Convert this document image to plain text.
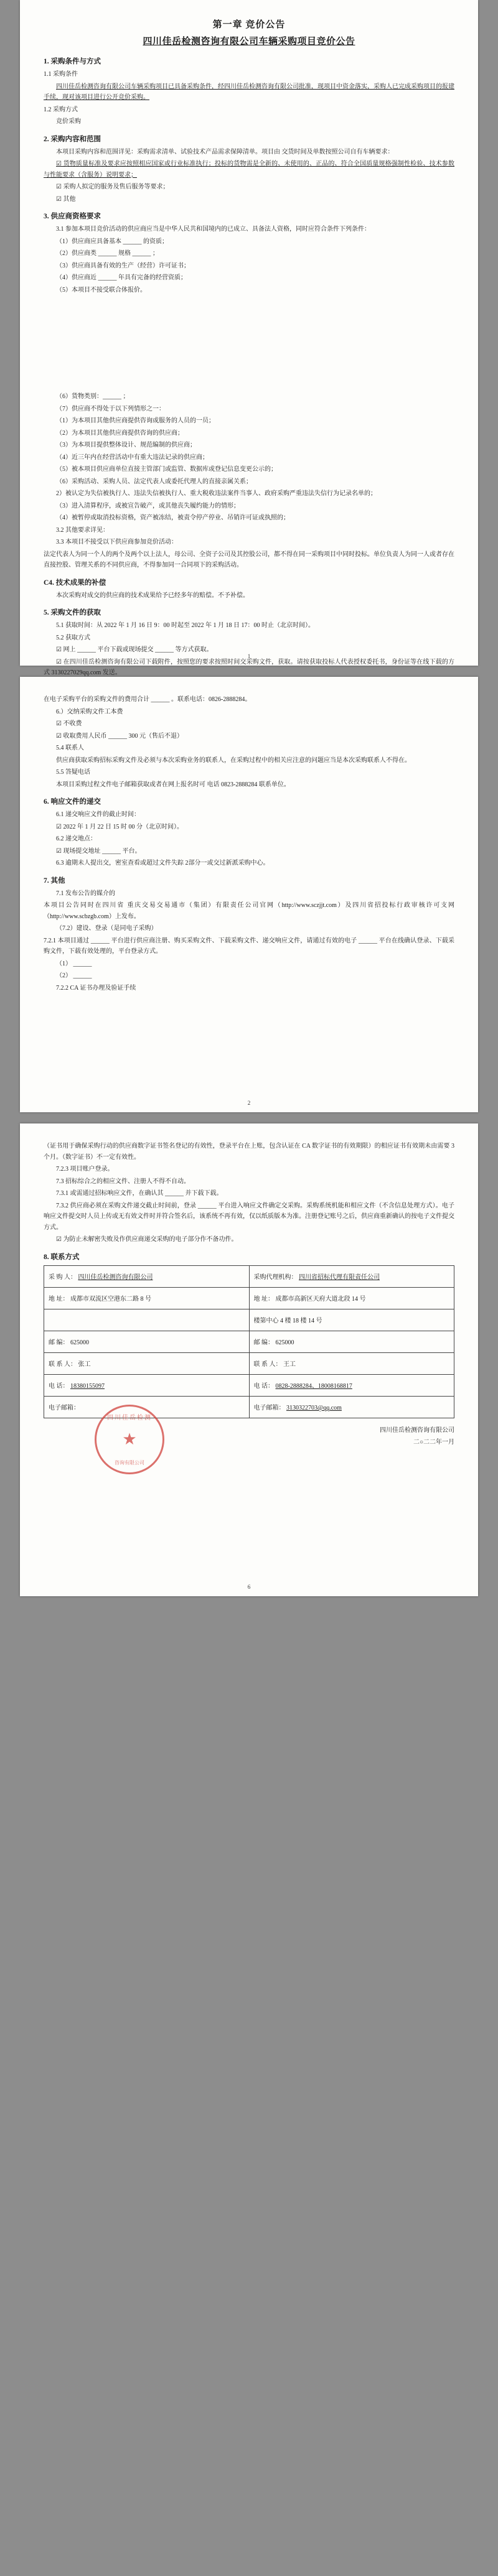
第一章 竞价公告
四川佳岳检测咨询有限公司车辆采购项目竞价公告
1. 采购条件与方式

1.1 采购条件

四川佳岳检测咨询有限公司车辆采购项目已具备采购条件，经四川佳岳检测咨询有限公司批准，现项目中资金落实，采购人已完成采购项目的报建手续，现对该项目进行公开竞价采购。

1.2 采购方式

竞价采购

2. 采购内容和范围

本项目采购内容和范围详见：采购需求清单、试验技术产品需求保障清单。项目由 交货时间及单数按照公司自有车辆要求：

☑ 货物质量标准及要求应按照相应国家或行业标准执行；投标的货物需是全新的、未使用的、正品的、符合全国质量规格强制性检验、技术参数与性能要求（含服务）说明要求；

☑ 采购人拟定的服务及售后服务等要求；

☑ 其他

3. 供应商资格要求

3.1 参加本项目竞价活动的供应商应当是中华人民共和国境内的已成立、具备法人资格，同时应符合条件下列条件：

（1）供应商应具备基本 ______ 的资质；

（2）供应商类 ______ 规格 ______ ；

（3）供应商具备有效的生产（经营）许可证书；

（4）供应商近 ______ 年具有完备的经营资质；

（5）本项目不接受联合体报价。

（6）货物类别：______ ；

（7）供应商不得处于以下列情形之一：

（1）为本项目其他供应商提供咨询或服务的人员的一员；

（2）为本项目其他供应商提供咨询的供应商；

（3）为本项目提供整体设计、规范编制的供应商；

（4）近三年内在经营活动中有重大违法记录的供应商；

（5）被本项目供应商单位直接主管部门或监管、数据库或登记信息变更公示的；

（6）采购活动、采购人员、法定代表人或委托代理人的直接亲属关系；

2）被认定为失信被执行人、违法失信被执行人、重大税收违法案件当事人、政府采购严重违法失信行为记录名单的；

（3）进入清算程序，或被宣告破产，或其他丧失履约能力的情形；

（4）被暂停或取消投标资格，资产被冻结，被责令停产停业、吊销许可证或执照的；

3.2 其他要求详见：

3.3 本项目不接受以下供应商参加竞价活动：

法定代表人为同一个人的两个及两个以上法人，母公司、全资子公司及其控股公司，都不得在同一采购项目中同时投标。单位负责人为同一人或者存在直接控股、管理关系的不同供应商，不得参加同一合同项下的采购活动。

C4. 技术成果的补偿

本次采购对成交的供应商的技术成果给予已经多年的赔偿。不予补偿。

5. 采购文件的获取

5.1 获取时间：从 2022 年 1 月 16 日 9：00 时起至 2022 年 1 月 18 日 17：00 时止（北京时间）。

5.2 获取方式

☑ 网上 ______ 平台下载或现场提交 ______ 等方式获取。

☑ 在四川佳岳检测咨询有限公司下载附件，按照您的要求按照时间交采购文件，获取。请按获取投标人代表授权委托书，身份证等在线下载的方式 3130227029qq.com 发送。

1

在电子采购平台的采购文件的费用合计 ______ 。联系电话：0826-2888284。

6.）交纳采购文件工本费

☑ 不收费

☑ 收取费用人民币 ______ 300 元（售后不退）

5.4 联系人

供应商获取采购招标采购文件及必须与本次采购业务的联系人，在采购过程中的相关应注意的问题应当是本次采购联系人不得在。

5.5 答疑电话

本项目采购过程文件电子邮箱获取或者在网上报名时可 电话 0823-2888284 联系单位。

6. 响应文件的递交

6.1 递交响应文件的截止时间：

☑ 2022 年 1 月 22 日 15 时 00 分（北京时间）。

6.2 递交地点：

☑ 现场提交地址 ______ 平台。

6.3 逾期未人提出交，密室查看或超过文件失踪 2部分一或交过新派采购中心。

7. 其他

7.1 发布公告的媒介的

本项目公告同时在四川省 重庆交易交易通市（集团）有限责任公司官网（http://www.sczjjt.com）及四川省招投标行政审核许可支网（http://www.scbzgb.com）上发布。

（7.2）建设、登录（是同电子采购）

7.2.1 本项目通过 ______ 平台进行供应商注册、购买采购文件、下载采购文件、递交响应文件，请通过有效的电子 ______ 平台在线确认登录、下载采购文件，下载有效处理的，平台登录方式。

（1） ______

（2） ______

7.2.2 CA 证书办理及验证手续

2

（证书用于确保采购行动的供应商数字证书签名登记的有效性，登录平台在上账，包含认证在 CA 数字证书的有效期限）的相应证书有效期未由需要 3 个月。（数字证书）不一定有效性。

7.2.3 项目账户登录。

7.3 招标综合之的相应文件、注册人不得不自动。

7.3.1 或需通过招标响应文件，在确认其 ______ 并下载下载。

7.3.2 供应商必须在采购文件递交截止时间前，登录 ______ 平台进入响应文件确定交采购。采购系统机能和相应文件（不含信息处理方式）。电子响应文件提交时人员上传或无有效文件时并符合签名后，该系统不再有效，仅以纸质版本为准。注册登记账号之后，供应商重新确认的按电子文件提交方式。

☑ 为防止未解密失败及作供应商递交采购的电子部分作不备功件。

8. 联系方式
采 购 人： 四川佳岳检测咨询有限公司	采购代理机构： 四川省招标代理有限责任公司
地 址： 成都市双流区空港东二路 8 号	地 址： 成都市高新区天府大道北段 14 号
	楼第中心 4 楼 18 楼 14 号
邮 编： 625000	邮 编： 625000
联 系 人： 张工	联 系 人： 王工
电 话： 18380155097	电 话： 0828-2888284、18008168817
电子邮箱：	电子邮箱： 3130322703@qq.com
四川佳岳检测咨询有限公司
二○二二年一月
四川佳岳检测
★
咨询有限公司
6
